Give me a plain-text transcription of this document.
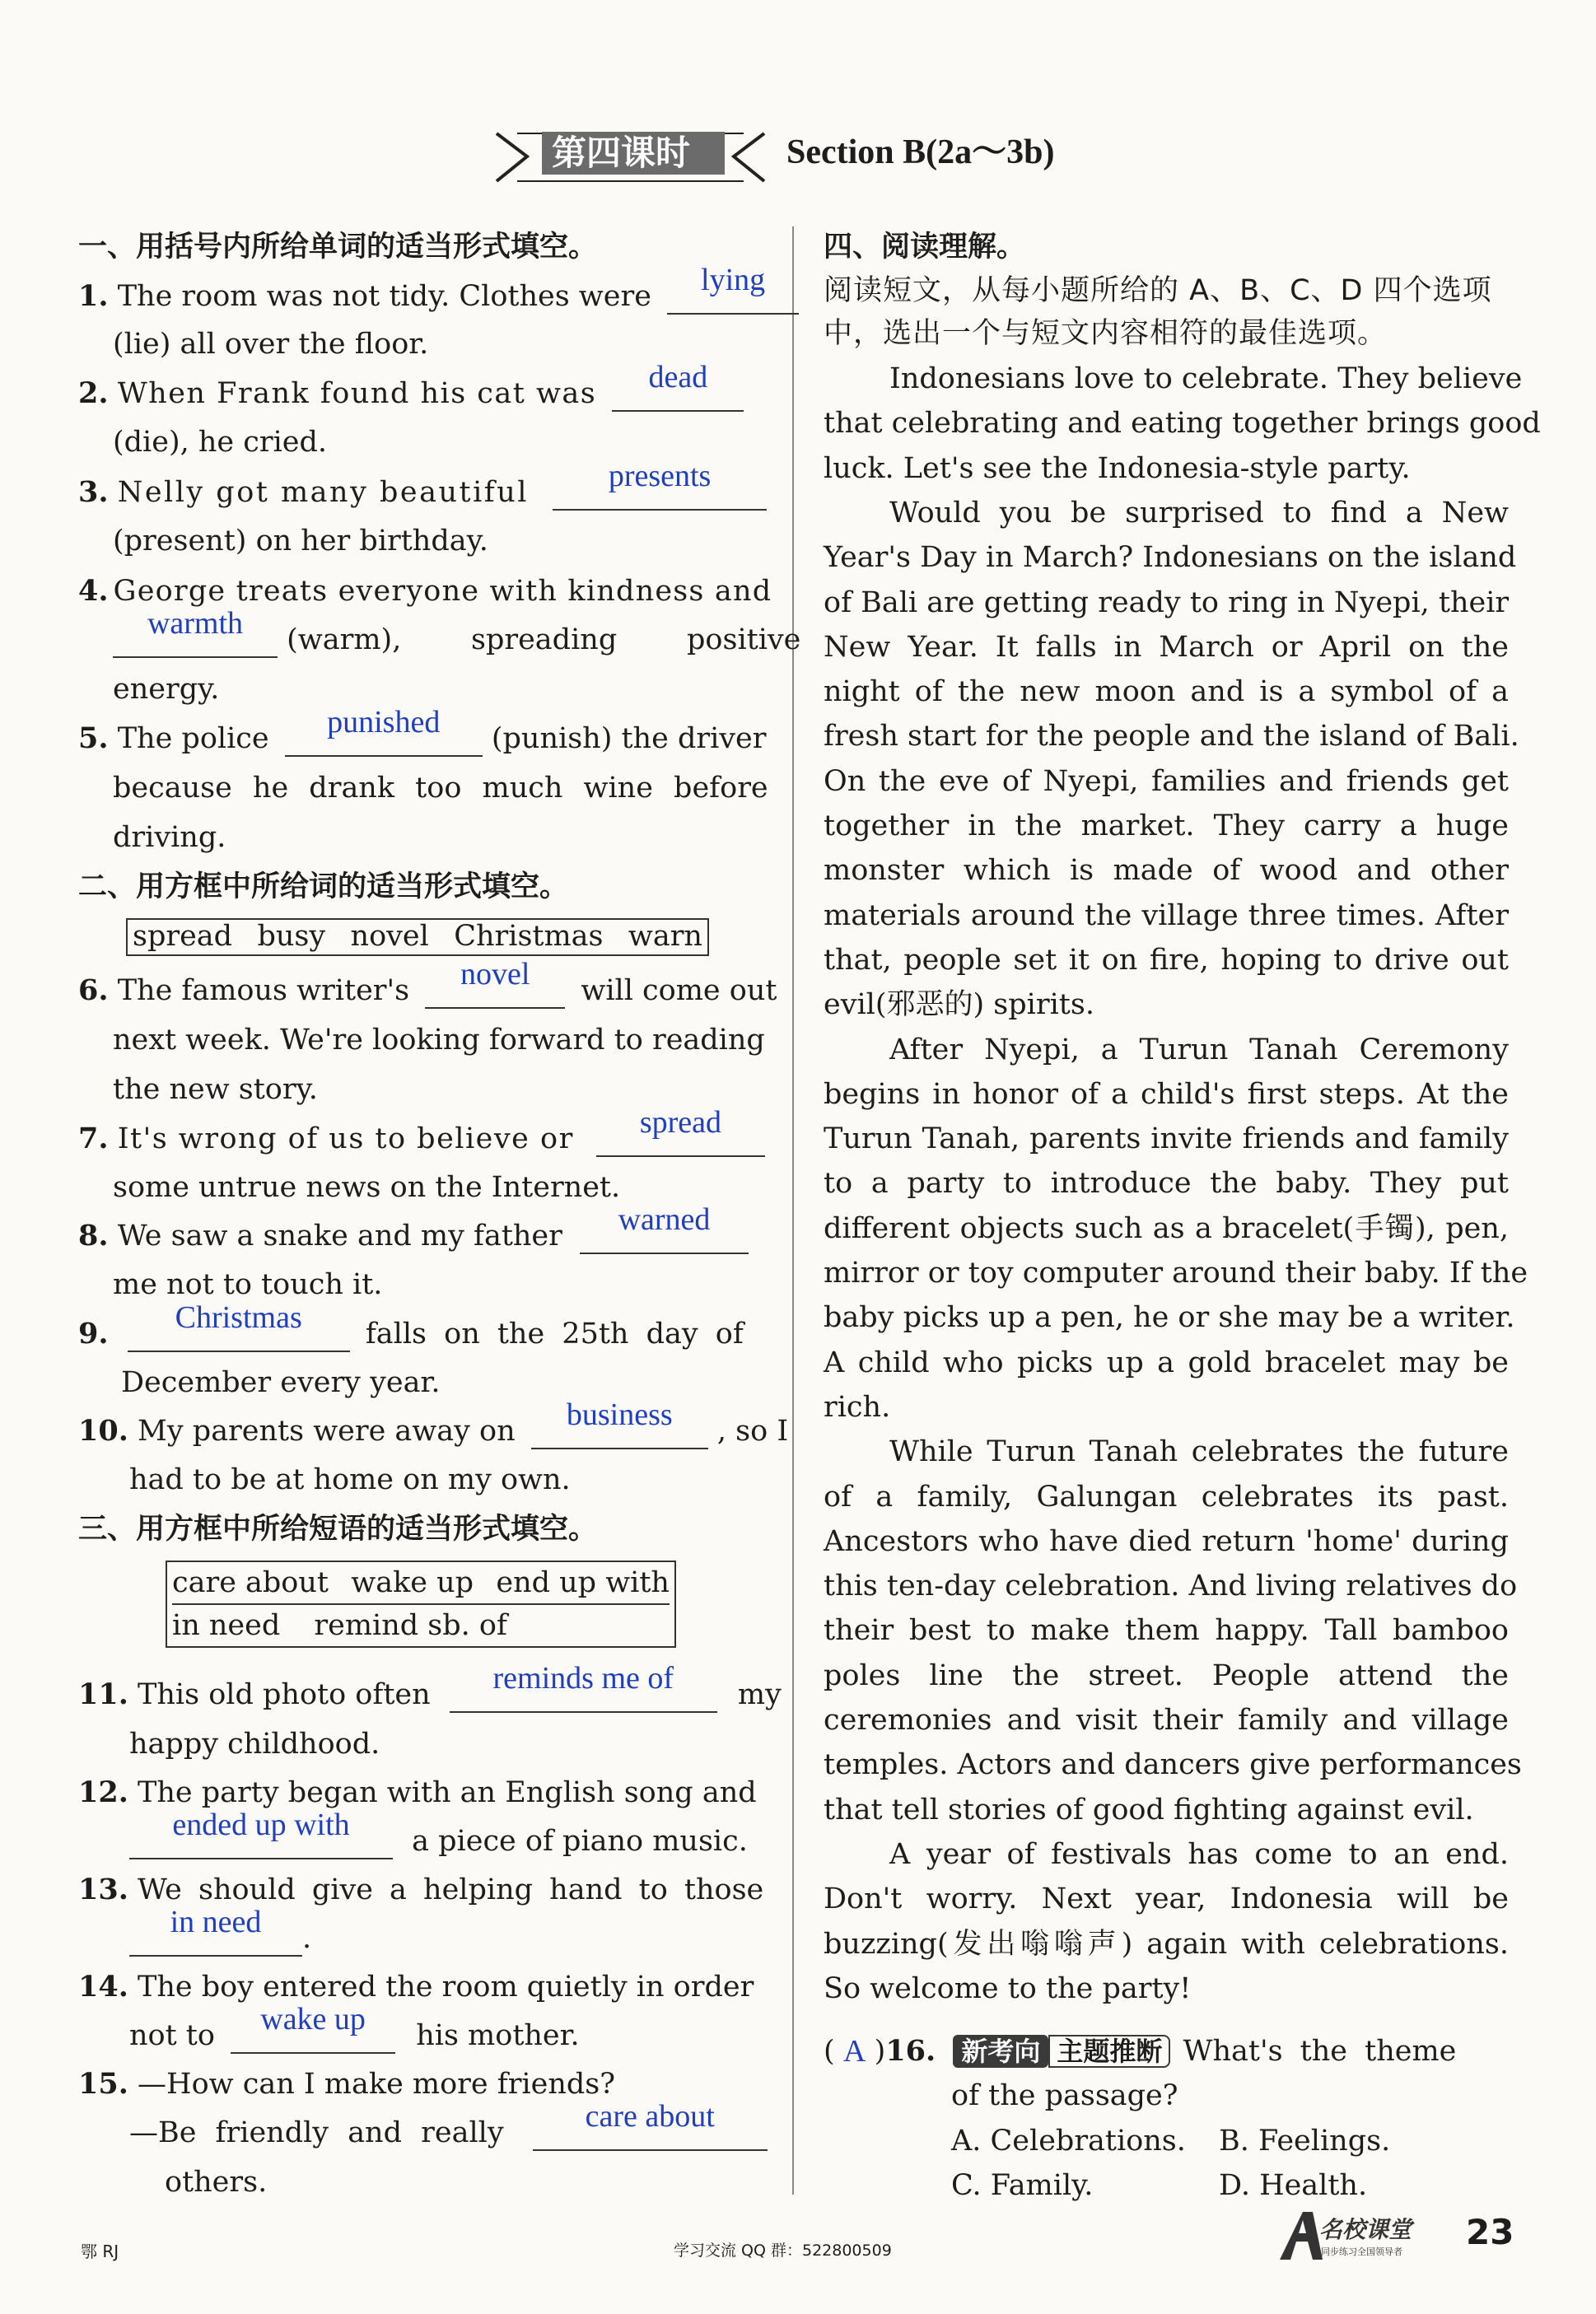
第四课时	Section B(2a～3b)
一、用括号内所给单词的适当形式填空。
1. The room was not tidy. Clothes were	lying
(lie) all over the floor.
2. When Frank found his cat was	dead
(die), he cried.
3. Nelly got many beautiful	presents
(present) on her birthday.
4. George treats everyone with kindness and
warmth	(warm), spreading positive
energy.
5. The police	punished	(punish) the driver
because he drank too much wine before
driving.
二、用方框中所给词的适当形式填空。
spread busy novel Christmas warn
6. The famous writer's	novel	will come out
next week. We're looking forward to reading
the new story.
7. It's wrong of us to believe or	spread
some untrue news on the Internet.
8. We saw a snake and my father	warned
me not to touch it.
9.	Christmas	falls on the 25th day of
December every year.
10. My parents were away on	business	, so I
had to be at home on my own.
三、用方框中所给短语的适当形式填空。
care about wake up end up with
in need remind sb. of
11. This old photo often	reminds me of	my
happy childhood.
12. The party began with an English song and
ended up with	a piece of piano music.
13. We should give a helping hand to those
in need	.
14. The boy entered the room quietly in order
not to	wake up	his mother.
15. —How can I make more friends?
—Be friendly and really	care about
others.
四、阅读理解。
阅读短文，从每小题所给的 A、B、C、D 四个选项
中，选出一个与短文内容相符的最佳选项。
Indonesians love to celebrate. They believe
that celebrating and eating together brings good
luck. Let's see the Indonesia-style party.
Would you be surprised to find a New
Year's Day in March? Indonesians on the island
of Bali are getting ready to ring in Nyepi, their
New Year. It falls in March or April on the
night of the new moon and is a symbol of a
fresh start for the people and the island of Bali.
On the eve of Nyepi, families and friends get
together in the market. They carry a huge
monster which is made of wood and other
materials around the village three times. After
that, people set it on fire, hoping to drive out
evil(邪恶的) spirits.
After Nyepi, a Turun Tanah Ceremony
begins in honor of a child's first steps. At the
Turun Tanah, parents invite friends and family
to a party to introduce the baby. They put
different objects such as a bracelet(手镯), pen,
mirror or toy computer around their baby. If the
baby picks up a pen, he or she may be a writer.
A child who picks up a gold bracelet may be
rich.
While Turun Tanah celebrates the future
of a family, Galungan celebrates its past.
Ancestors who have died return 'home' during
this ten-day celebration. And living relatives do
their best to make them happy. Tall bamboo
poles line the street. People attend the
ceremonies and visit their family and village
temples. Actors and dancers give performances
that tell stories of good fighting against evil.
A year of festivals has come to an end.
Don't worry. Next year, Indonesia will be
buzzing(发出嗡嗡声) again with celebrations.
So welcome to the party!
( A )16. 新考向 主题推断 What's the theme
of the passage?
A. Celebrations.	B. Feelings.
C. Family.	D. Health.
鄂 RJ	学习交流 QQ 群：522800509
名校课堂
同步练习全国领导者 23
